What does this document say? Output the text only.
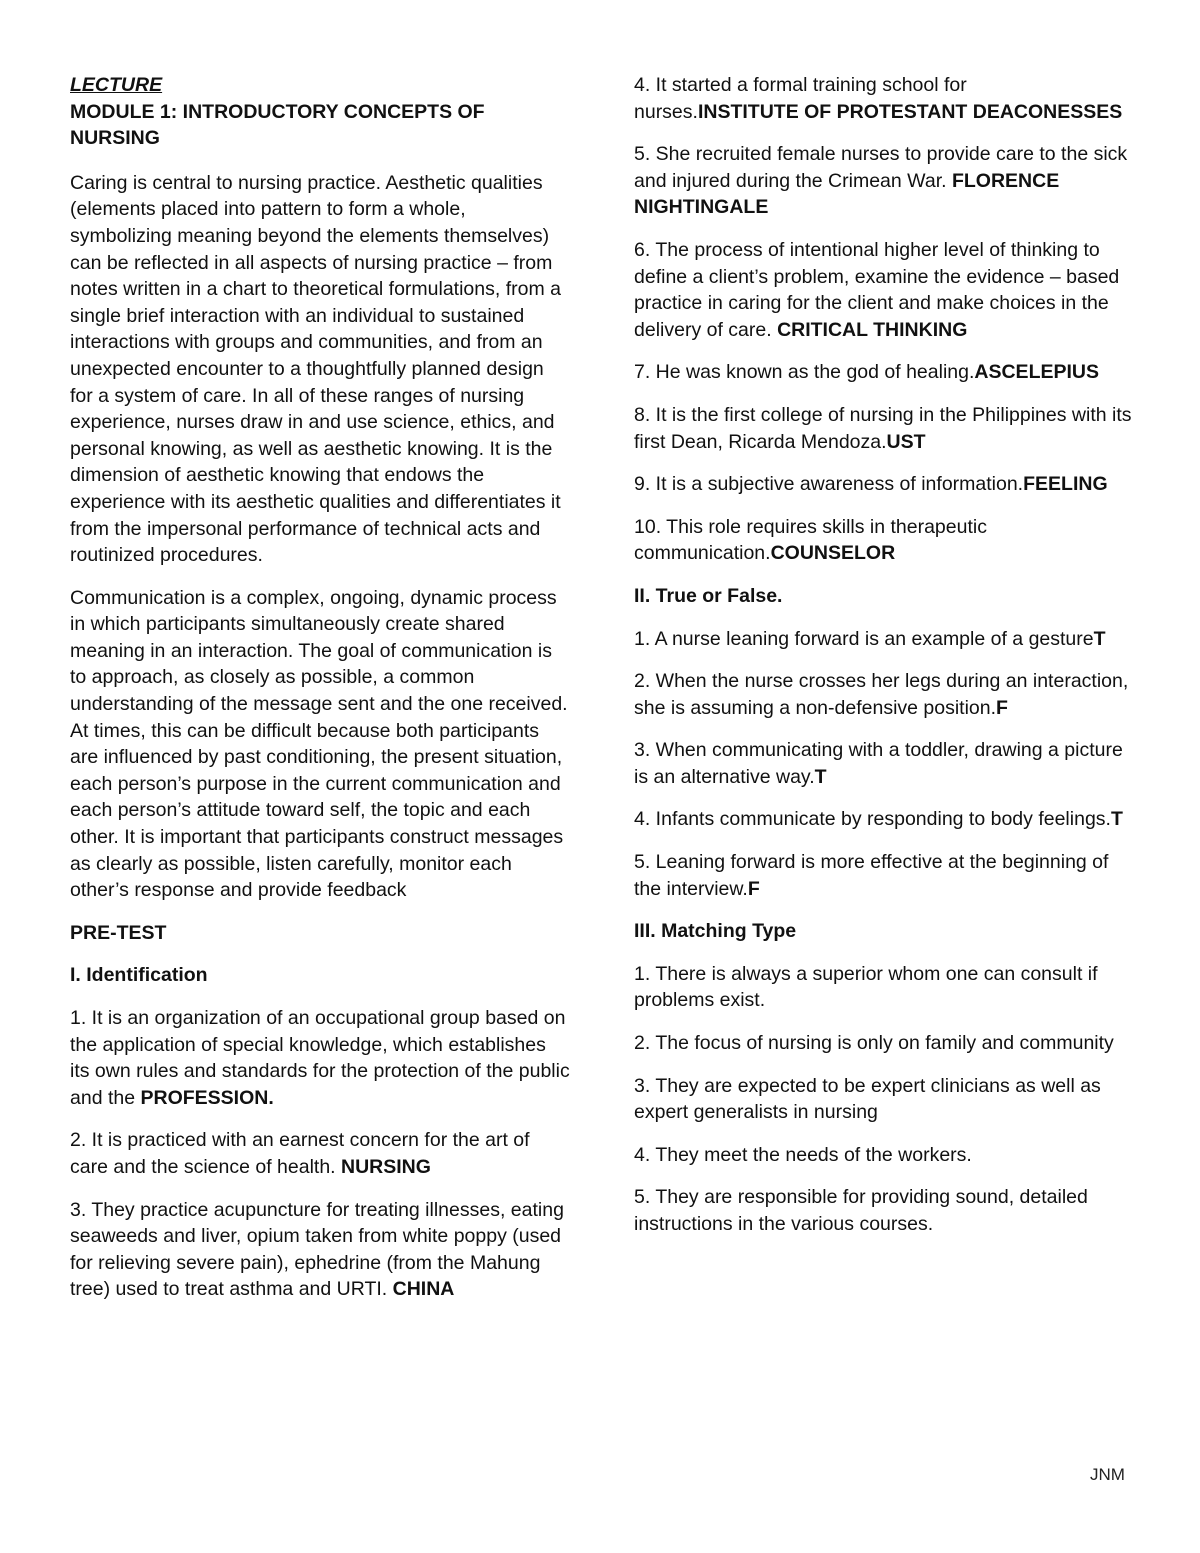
LECTURE
MODULE 1: INTRODUCTORY CONCEPTS OF NURSING

Caring is central to nursing practice. Aesthetic qualities (elements placed into pattern to form a whole, symbolizing meaning beyond the elements themselves) can be reflected in all aspects of nursing practice – from notes written in a chart to theoretical formulations, from a single brief interaction with an individual to sustained interactions with groups and communities, and from an unexpected encounter to a thoughtfully planned design for a system of care. In all of these ranges of nursing experience, nurses draw in and use science, ethics, and personal knowing, as well as aesthetic knowing. It is the dimension of aesthetic knowing that endows the experience with its aesthetic qualities and differentiates it from the impersonal performance of technical acts and routinized procedures.

Communication is a complex, ongoing, dynamic process in which participants simultaneously create shared meaning in an interaction. The goal of communication is to approach, as closely as possible, a common understanding of the message sent and the one received. At times, this can be difficult because both participants are influenced by past conditioning, the present situation, each person’s purpose in the current communication and each person’s attitude toward self, the topic and each other. It is important that participants construct messages as clearly as possible, listen carefully, monitor each other’s response and provide feedback

PRE-TEST
I. Identification

1. It is an organization of an occupational group based on the application of special knowledge, which establishes its own rules and standards for the protection of the public and the PROFESSION.

2. It is practiced with an earnest concern for the art of care and the science of health. NURSING

3. They practice acupuncture for treating illnesses, eating seaweeds and liver, opium taken from white poppy (used for relieving severe pain), ephedrine (from the Mahung tree) used to treat asthma and URTI. CHINA

4. It started a formal training school for nurses.INSTITUTE OF PROTESTANT DEACONESSES

5. She recruited female nurses to provide care to the sick and injured during the Crimean War. FLORENCE NIGHTINGALE

6. The process of intentional higher level of thinking to define a client’s problem, examine the evidence – based practice in caring for the client and make choices in the delivery of care. CRITICAL THINKING

7. He was known as the god of healing.ASCELEPIUS

8. It is the first college of nursing in the Philippines with its first Dean, Ricarda Mendoza.UST

9. It is a subjective awareness of information.FEELING

10. This role requires skills in therapeutic communication.COUNSELOR

II. True or False.

1. A nurse leaning forward is an example of a gestureT

2. When the nurse crosses her legs during an interaction, she is assuming a non-defensive position.F

3. When communicating with a toddler, drawing a picture is an alternative way.T

4. Infants communicate by responding to body feelings.T

5. Leaning forward is more effective at the beginning of the interview.F

III. Matching Type

1. There is always a superior whom one can consult if problems exist.

2. The focus of nursing is only on family and community

3. They are expected to be expert clinicians as well as expert generalists in nursing

4. They meet the needs of the workers.

5. They are responsible for providing sound, detailed instructions in the various courses.

JNM
